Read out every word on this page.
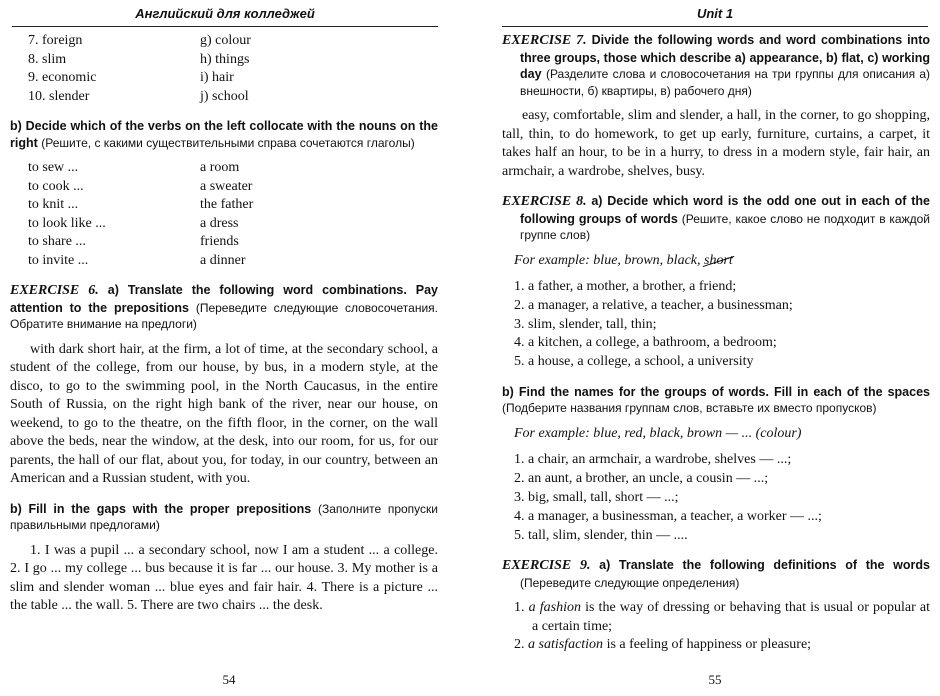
Английский для колледжей
7. foreign	g) colour
8. slim	h) things
9. economic	i) hair
10. slender	j) school
b) Decide which of the verbs on the left collocate with the nouns on the right (Решите, с какими существительными справа сочетаются глаголы)
to sew ...	a room
to cook ...	a sweater
to knit ...	the father
to look like ...	a dress
to share ...	friends
to invite ...	a dinner
EXERCISE 6. a) Translate the following word combinations. Pay attention to the prepositions (Переведите следующие словосочетания. Обратите внимание на предлоги)

with dark short hair, at the firm, a lot of time, at the secondary school, a student of the college, from our house, by bus, in a modern style, at the disco, to go to the swimming pool, in the North Caucasus, in the entire South of Russia, on the right high bank of the river, near our house, on weekend, to go to the theatre, on the fifth floor, in the corner, on the wall above the beds, near the window, at the desk, into our room, for us, for our parents, the hall of our flat, about you, for today, in our country, between an American and a Russian student, with you.

b) Fill in the gaps with the proper prepositions (Заполните пропуски правильными предлогами)

1. I was a pupil ... a secondary school, now I am a student ... a college. 2. I go ... my college ... bus because it is far ... our house. 3. My mother is a slim and slender woman ... blue eyes and fair hair. 4. There is a picture ... the table ... the wall. 5. There are two chairs ... the desk.

54
Unit 1
EXERCISE 7. Divide the following words and word combinations into three groups, those which describe a) appearance, b) flat, c) working day (Разделите слова и словосочетания на три группы для описания а) внешности, б) квартиры, в) рабочего дня)

easy, comfortable, slim and slender, a hall, in the corner, to go shopping, tall, thin, to do homework, to get up early, furniture, curtains, a carpet, it takes half an hour, to be in a hurry, to dress in a modern style, fair hair, an armchair, a wardrobe, shelves, busy.

EXERCISE 8. a) Decide which word is the odd one out in each of the following groups of words (Решите, какое слово не подходит в каждой группе слов)
For example: blue, brown, black, short
1. a father, a mother, a brother, a friend;
2. a manager, a relative, a teacher, a businessman;
3. slim, slender, tall, thin;
4. a kitchen, a college, a bathroom, a bedroom;
5. a house, a college, a school, a university
b) Find the names for the groups of words. Fill in each of the spaces (Подберите названия группам слов, вставьте их вместо пропусков)
For example: blue, red, black, brown — ... (colour)
1. a chair, an armchair, a wardrobe, shelves — ...;
2. an aunt, a brother, an uncle, a cousin — ...;
3. big, small, tall, short — ...;
4. a manager, a businessman, a teacher, a worker — ...;
5. tall, slim, slender, thin — ....
EXERCISE 9. a) Translate the following definitions of the words (Переведите следующие определения)
1. a fashion is the way of dressing or behaving that is usual or popular at a certain time;
2. a satisfaction is a feeling of happiness or pleasure;
55
